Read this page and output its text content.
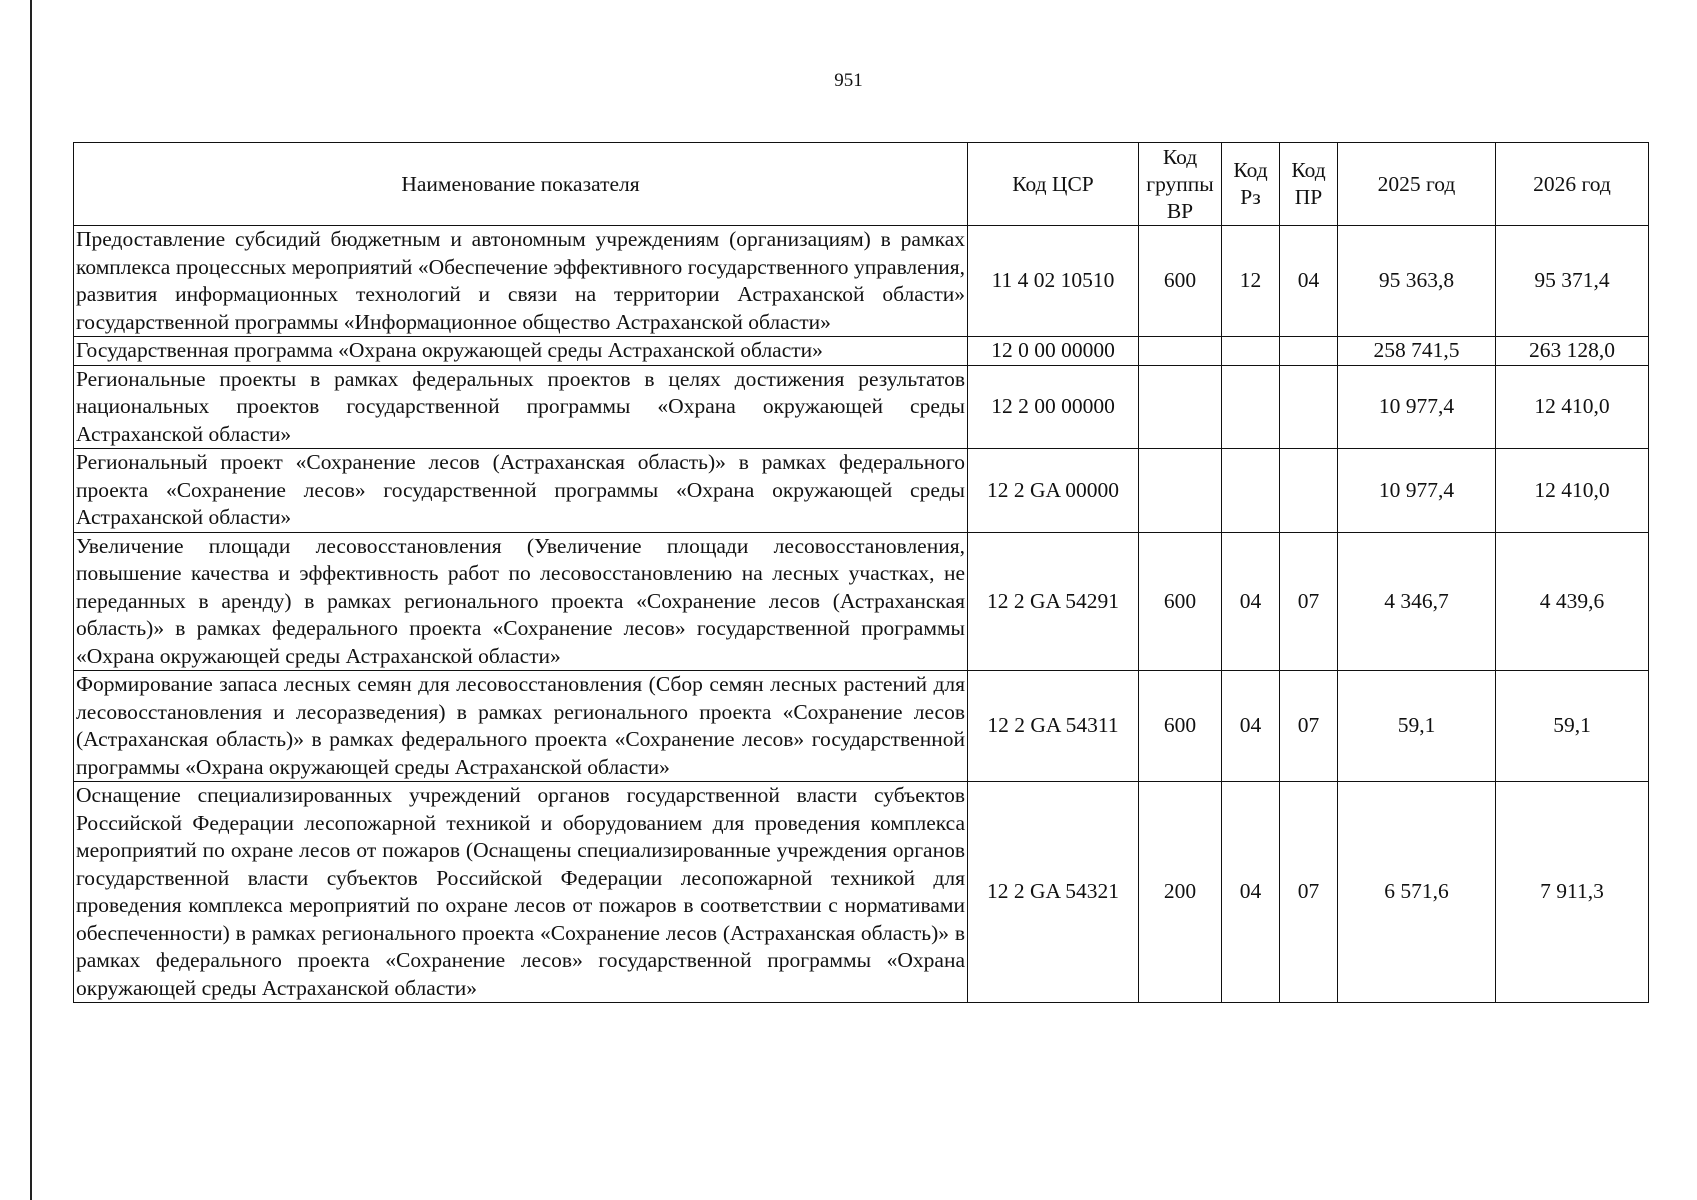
951
Наименование показателя	Код ЦСР	Код группы ВР	Код Рз	Код ПР	2025 год	2026 год
Предоставление субсидий бюджетным и автономным учреждениям (организациям) в рамках комплекса процессных мероприятий «Обеспечение эффективного государственного управления, развития информационных технологий и связи на территории Астраханской области» государственной программы «Информационное общество Астраханской области»	11 4 02 10510	600	12	04	95 363,8	95 371,4
Государственная программа «Охрана окружающей среды Астраханской области»	12 0 00 00000				258 741,5	263 128,0
Региональные проекты в рамках федеральных проектов в целях достижения результатов национальных проектов государственной программы «Охрана окружающей среды Астраханской области»	12 2 00 00000				10 977,4	12 410,0
Региональный проект «Сохранение лесов (Астраханская область)» в рамках федерального проекта «Сохранение лесов» государственной программы «Охрана окружающей среды Астраханской области»	12 2 GA 00000				10 977,4	12 410,0
Увеличение площади лесовосстановления (Увеличение площади лесовосстановления, повышение качества и эффективность работ по лесовосстановлению на лесных участках, не переданных в аренду) в рамках регионального проекта «Сохранение лесов (Астраханская область)» в рамках федерального проекта «Сохранение лесов» государственной программы «Охрана окружающей среды Астраханской области»	12 2 GA 54291	600	04	07	4 346,7	4 439,6
Формирование запаса лесных семян для лесовосстановления (Сбор семян лесных растений для лесовосстановления и лесоразведения) в рамках регионального проекта «Сохранение лесов (Астраханская область)» в рамках федерального проекта «Сохранение лесов» государственной программы «Охрана окружающей среды Астраханской области»	12 2 GA 54311	600	04	07	59,1	59,1
Оснащение специализированных учреждений органов государственной власти субъектов Российской Федерации лесопожарной техникой и оборудованием для проведения комплекса мероприятий по охране лесов от пожаров (Оснащены специализированные учреждения органов государственной власти субъектов Российской Федерации лесопожарной техникой для проведения комплекса мероприятий по охране лесов от пожаров в соответствии с нормативами обеспеченности) в рамках регионального проекта «Сохранение лесов (Астраханская область)» в рамках федерального проекта «Сохранение лесов» государственной программы «Охрана окружающей среды Астраханской области»	12 2 GA 54321	200	04	07	6 571,6	7 911,3
